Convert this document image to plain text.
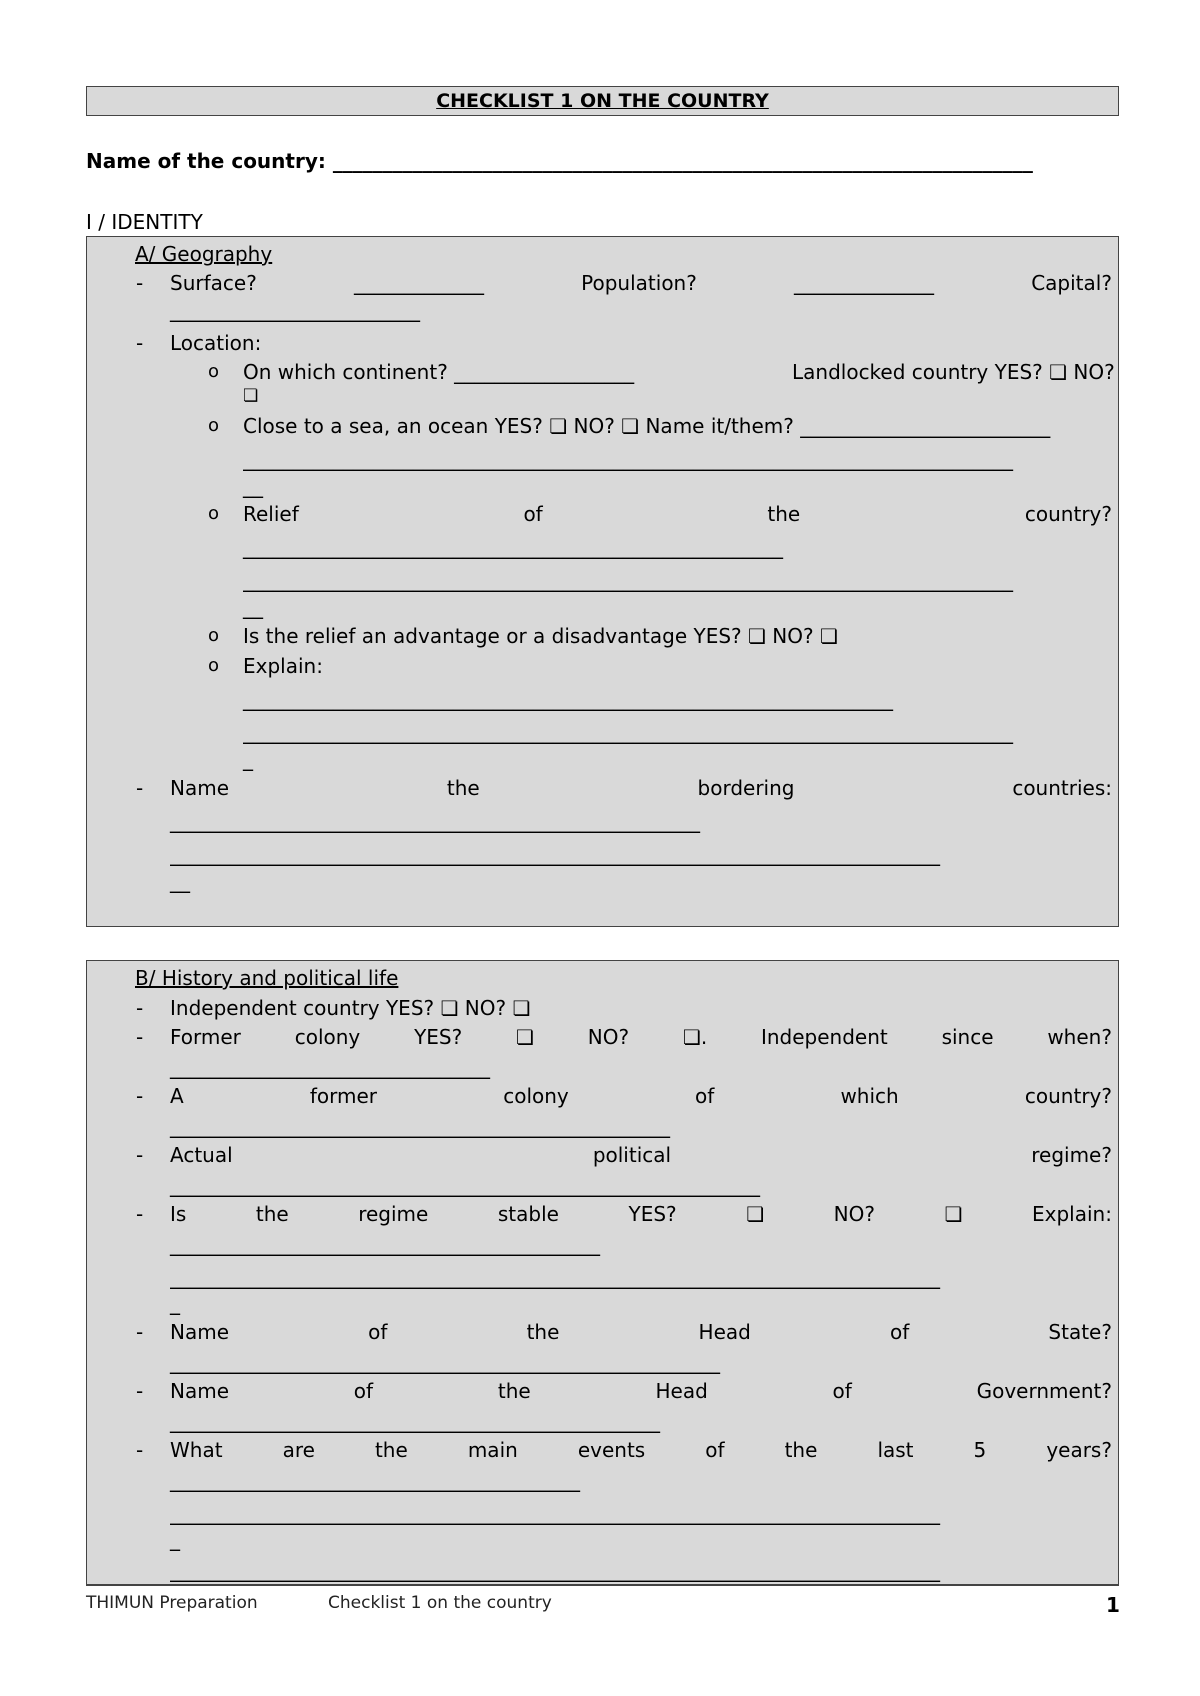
CHECKLIST 1 ON THE COUNTRY
Name of the country: ______________________________________________________________________
I / IDENTITY
A/ Geography
- Surface?	_____________	Population?	______________	Capital?
_________________________
- Location:
o On which continent? __________________	Landlocked country YES? ❏ NO?
❏
o Close to a sea, an ocean YES? ❏ NO? ❏ Name it/them? _________________________
_____________________________________________________________________________
__
o Relief	of	the	country?
______________________________________________________
_____________________________________________________________________________
__
o Is the relief an advantage or a disadvantage YES? ❏ NO? ❏
o Explain:
_________________________________________________________________
_____________________________________________________________________________
_
- Name	the	bordering	countries:
_____________________________________________________
_____________________________________________________________________________
__
B/ History and political life
- Independent country YES? ❏ NO? ❏
- Former	colony	YES?	❏	NO?	❏.	Independent	since	when?
________________________________
- A	former	colony	of	which	country?
__________________________________________________
- Actual	political	regime?
___________________________________________________________
- Is	the	regime	stable	YES?	❏	NO?	❏	Explain:
___________________________________________
_____________________________________________________________________________
_
- Name	of	the	Head	of	State?
_______________________________________________________
- Name	of	the	Head	of	Government?
_________________________________________________
- What	are	the	main	events	of	the	last	5	years?
_________________________________________
_____________________________________________________________________________
_
_____________________________________________________________________________
THIMUN Preparation	Checklist 1 on the country	1
